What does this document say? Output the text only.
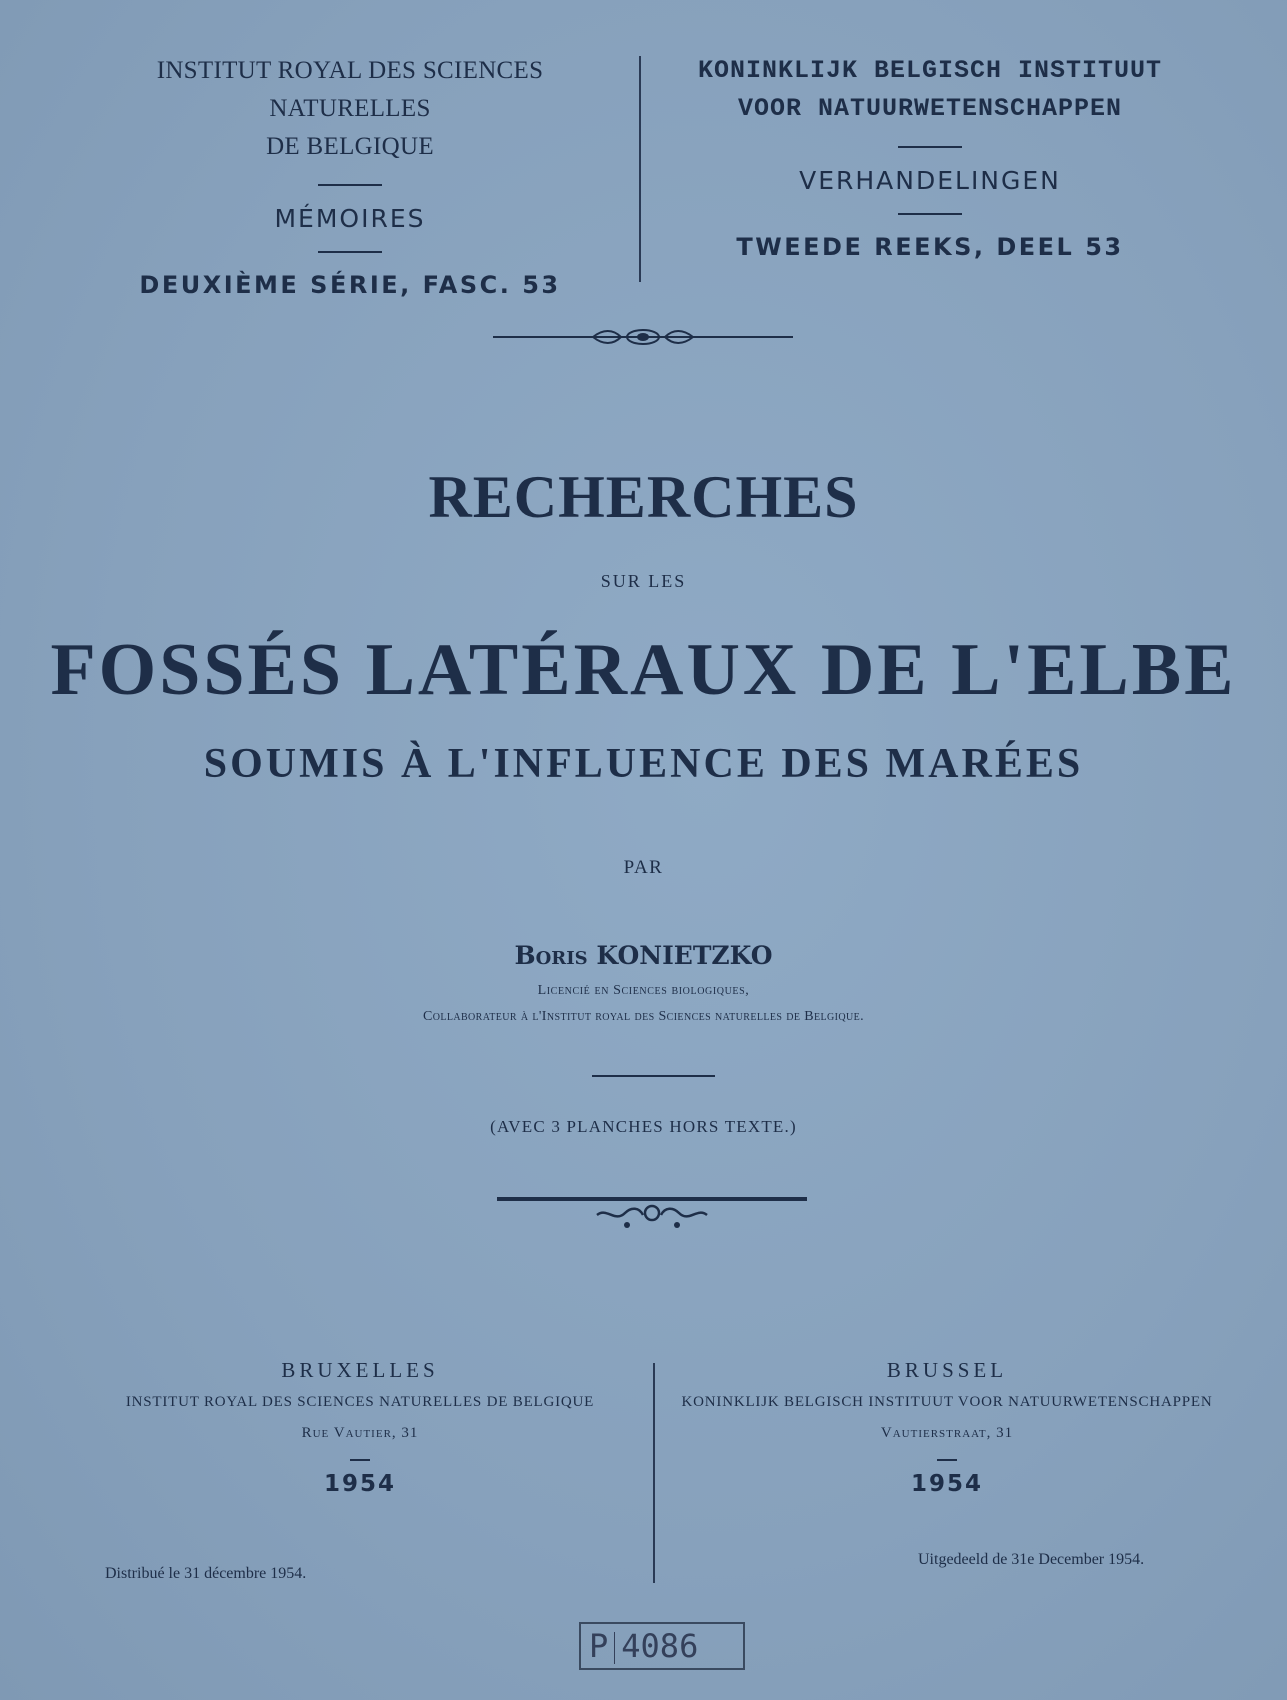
INSTITUT ROYAL DES SCIENCES NATURELLES
DE BELGIQUE
MÉMOIRES
DEUXIÈME SÉRIE, FASC. 53
KONINKLIJK BELGISCH INSTITUUT
VOOR NATUURWETENSCHAPPEN
VERHANDELINGEN
TWEEDE REEKS, DEEL 53
RECHERCHES
SUR LES
FOSSÉS LATÉRAUX DE L'ELBE
SOUMIS À L'INFLUENCE DES MARÉES
PAR
Boris KONIETZKO
Licencié en Sciences biologiques,
Collaborateur à l'Institut royal des Sciences naturelles de Belgique.
(AVEC 3 PLANCHES HORS TEXTE.)
BRUXELLES
INSTITUT ROYAL DES SCIENCES NATURELLES DE BELGIQUE
Rue Vautier, 31
1954
BRUSSEL
KONINKLIJK BELGISCH INSTITUUT VOOR NATUURWETENSCHAPPEN
Vautierstraat, 31
1954
Distribué le 31 décembre 1954.
Uitgedeeld de 31e December 1954.
P 4086
